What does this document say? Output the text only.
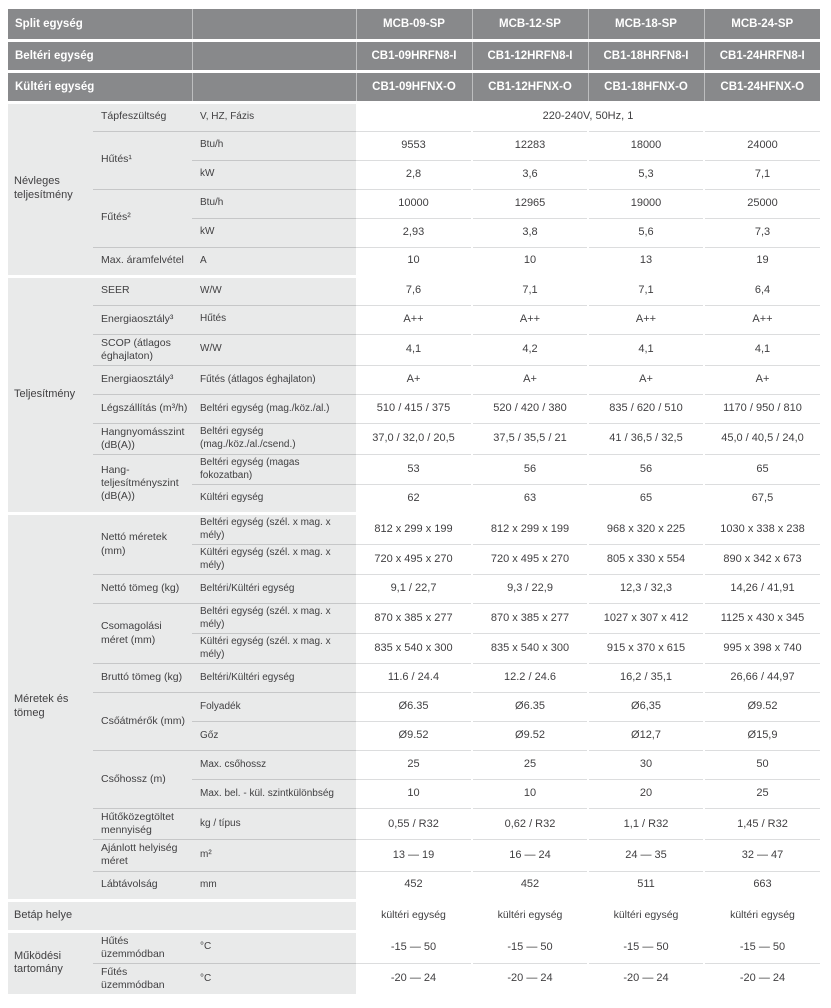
Split egység			MCB-09-SP	MCB-12-SP	MCB-18-SP	MCB-24-SP
Beltéri egység			CB1-09HRFN8-I	CB1-12HRFN8-I	CB1-18HRFN8-I	CB1-24HRFN8-I
Kültéri egység			CB1-09HFNX-O	CB1-12HFNX-O	CB1-18HFNX-O	CB1-24HFNX-O
Névleges teljesítmény	Tápfeszültség	V, HZ, Fázis	220-240V, 50Hz, 1			
	Hűtés¹	Btu/h	9553	12283	18000	24000
		kW	2,8	3,6	5,3	7,1
	Fűtés²	Btu/h	10000	12965	19000	25000
		kW	2,93	3,8	5,6	7,3
	Max. áramfelvétel	A	10	10	13	19
Teljesítmény	SEER	W/W	7,6	7,1	7,1	6,4
	Energiaosztály³	Hűtés	A++	A++	A++	A++
	SCOP (átlagos éghajlaton)	W/W	4,1	4,2	4,1	4,1
	Energiaosztály³	Fűtés (átlagos éghajlaton)	A+	A+	A+	A+
	Légszállítás (m³/h)	Beltéri egység (mag./köz./al.)	510 / 415 / 375	520 / 420 / 380	835 / 620 / 510	1170 / 950 / 810
	Hangnyomásszint (dB(A))	Beltéri egység (mag./köz./al./csend.)	37,0 / 32,0 / 20,5	37,5 / 35,5 / 21	41 / 36,5 / 32,5	45,0 / 40,5 / 24,0
	Hang-teljesítményszint (dB(A))	Beltéri egység (magas fokozatban)	53	56	56	65
		Kültéri egység	62	63	65	67,5
Méretek és tömeg	Nettó méretek (mm)	Beltéri egység (szél. x mag. x mély)	812 x 299 x 199	812 x 299 x 199	968 x 320 x 225	1030 x 338 x 238
		Kültéri egység (szél. x mag. x mély)	720 x 495 x 270	720 x 495 x 270	805 x 330 x 554	890 x 342 x 673
	Nettó tömeg (kg)	Beltéri/Kültéri egység	9,1 / 22,7	9,3 / 22,9	12,3 / 32,3	14,26 / 41,91
	Csomagolási méret (mm)	Beltéri egység (szél. x mag. x mély)	870 x 385 x 277	870 x 385 x 277	1027 x 307 x 412	1125 x 430 x 345
		Kültéri egység (szél. x mag. x mély)	835 x 540 x 300	835 x 540 x 300	915 x 370 x 615	995 x 398 x 740
	Bruttó tömeg (kg)	Beltéri/Kültéri egység	11.6 / 24.4	12.2 / 24.6	16,2 / 35,1	26,66 / 44,97
	Csőátmérők (mm)	Folyadék	Ø6.35	Ø6.35	Ø6,35	Ø9.52
		Gőz	Ø9.52	Ø9.52	Ø12,7	Ø15,9
	Csőhossz (m)	Max. csőhossz	25	25	30	50
		Max. bel. - kül. szintkülönbség	10	10	20	25
	Hűtőközegtöltet mennyiség	kg / típus	0,55 / R32	0,62 / R32	1,1 / R32	1,45 / R32
	Ajánlott helyiség méret	m²	13 — 19	16 — 24	24 — 35	32 — 47
	Lábtávolság	mm	452	452	511	663
Betáp helye			kültéri egység	kültéri egység	kültéri egység	kültéri egység
Működési tartomány	Hűtés üzemmódban	°C	-15 — 50	-15 — 50	-15 — 50	-15 — 50
	Fűtés üzemmódban	°C	-20 — 24	-20 — 24	-20 — 24	-20 — 24
